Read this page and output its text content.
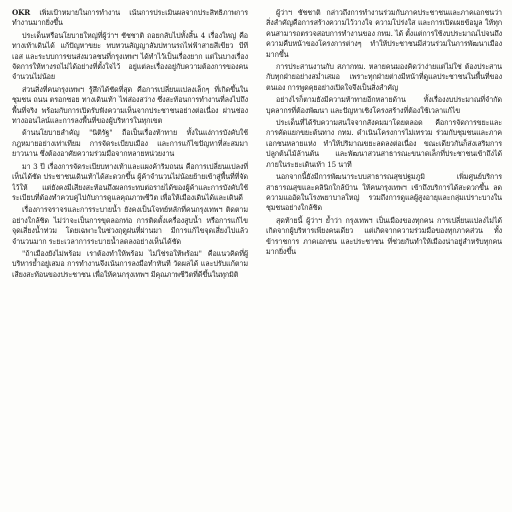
OKR เพิ่มเป้าหมายในการทำงาน เน้นการประเมินผลจากประสิทธิภาพการทำงานมากยิ่งขึ้น

ประเด็นหรือนโยบายใหญ่ที่ผู้ว่าฯ ชัชชาติ ถอยกลับไปทั้งสิ้น 4 เรื่องใหญ่ คือ ทางเท้าเดินได้ แก้ปัญหาขยะ ทบทวนสัญญาสัมปทานรถไฟฟ้าสายสีเขียว บีทีเอส และระบบการขนส่งมวลชนที่กรุงเทพฯ ได้ทำไว้เป็นเรื่องยาก แต่ในบางเรื่องจัดการให้ทางรถไม่ได้อย่างที่ตั้งใจไว้ อยู่แต่ละเรื่องอยู่กับความต้องการของคนจำนวนไม่น้อย

ส่วนสิ่งที่คนกรุงเทพฯ รู้สึกได้ชัดที่สุด คือการเปลี่ยนแปลงเล็กๆ ที่เกิดขึ้นในชุมชน ถนน ตรอกซอย ทางเดินเท้า ไฟส่องสว่าง ซึ่งสะท้อนการทำงานที่ลงไปถึงพื้นที่จริง พร้อมกับการเปิดรับฟังความเห็นจากประชาชนอย่างต่อเนื่อง ผ่านช่องทางออนไลน์และการลงพื้นที่ของผู้บริหารในทุกเขต

ด้านนโยบายสำคัญ "นิติรัฐ" ถือเป็นเรื่องท้าทาย ทั้งในแง่การบังคับใช้กฎหมายอย่างเท่าเทียม การจัดระเบียบเมือง และการแก้ไขปัญหาที่สะสมมายาวนาน ซึ่งต้องอาศัยความร่วมมือจากหลายหน่วยงาน

มา 3 ปี เรื่องการจัดระเบียบทางเท้าและแผงค้าริมถนน คือการเปลี่ยนแปลงที่เห็นได้ชัด ประชาชนเดินเท้าได้สะดวกขึ้น ผู้ค้าจำนวนไม่น้อยย้ายเข้าสู่พื้นที่ที่จัดไว้ให้ แต่ยังคงมีเสียงสะท้อนถึงผลกระทบต่อรายได้ของผู้ค้าและการบังคับใช้ระเบียบที่ต้องทำควบคู่ไปกับการดูแลคุณภาพชีวิต เพื่อให้เมืองเดินได้และเดินดี

เรื่องการจราจรและการระบายน้ำ ยังคงเป็นโจทย์หลักที่คนกรุงเทพฯ ติดตามอย่างใกล้ชิด ไม่ว่าจะเป็นการขุดลอกท่อ การติดตั้งเครื่องสูบน้ำ หรือการแก้ไขจุดเสี่ยงน้ำท่วม โดยเฉพาะในช่วงฤดูฝนที่ผ่านมา มีการแก้ไขจุดเสี่ยงไปแล้วจำนวนมาก ระยะเวลาการระบายน้ำลดลงอย่างเห็นได้ชัด

"ถ้าเมืองยังไม่พร้อม เราต้องทำให้พร้อม ไม่ใช่รอให้พร้อม" คือแนวคิดที่ผู้บริหารย้ำอยู่เสมอ การทำงานจึงเน้นการลงมือทำทันที วัดผลได้ และปรับแก้ตามเสียงสะท้อนของประชาชน เพื่อให้คนกรุงเทพฯ มีคุณภาพชีวิตที่ดีขึ้นในทุกมิติ

ผู้ว่าฯ ชัชชาติ กล่าวถึงการทำงานร่วมกับภาคประชาชนและภาคเอกชนว่า สิ่งสำคัญคือการสร้างความไว้วางใจ ความโปร่งใส และการเปิดเผยข้อมูล ให้ทุกคนสามารถตรวจสอบการทำงานของ กทม. ได้ ตั้งแต่การใช้งบประมาณไปจนถึงความคืบหน้าของโครงการต่างๆ ทำให้ประชาชนมีส่วนร่วมในการพัฒนาเมืองมากขึ้น

การประสานงานกับ สภากทม. หลายคนมองคิดว่าง่ายแต่ไม่ใช่ ต้องประสานกับทุกฝ่ายอย่างสม่ำเสมอ เพราะทุกฝ่ายต่างมีหน้าที่ดูแลประชาชนในพื้นที่ของตนเอง การพูดคุยอย่างเปิดใจจึงเป็นสิ่งสำคัญ

อย่างไรก็ตามยังมีความท้าทายอีกหลายด้าน ทั้งเรื่องงบประมาณที่จำกัด บุคลากรที่ต้องพัฒนา และปัญหาเชิงโครงสร้างที่ต้องใช้เวลาแก้ไข

ประเด็นที่ได้รับความสนใจจากสังคมมาโดยตลอด คือการจัดการขยะและการคัดแยกขยะต้นทาง กทม. ดำเนินโครงการไม่เทรวม ร่วมกับชุมชนและภาคเอกชนหลายแห่ง ทำให้ปริมาณขยะลดลงต่อเนื่อง ขณะเดียวกันก็ส่งเสริมการปลูกต้นไม้ล้านต้น และพัฒนาสวนสาธารณะขนาดเล็กที่ประชาชนเข้าถึงได้ภายในระยะเดินเท้า 15 นาที

นอกจากนี้ยังมีการพัฒนาระบบสาธารณสุขปฐมภูมิ เพิ่มศูนย์บริการสาธารณสุขและคลินิกใกล้บ้าน ให้คนกรุงเทพฯ เข้าถึงบริการได้สะดวกขึ้น ลดความแออัดในโรงพยาบาลใหญ่ รวมถึงการดูแลผู้สูงอายุและกลุ่มเปราะบางในชุมชนอย่างใกล้ชิด

สุดท้ายนี้ ผู้ว่าฯ ย้ำว่า กรุงเทพฯ เป็นเมืองของทุกคน การเปลี่ยนแปลงไม่ได้เกิดจากผู้บริหารเพียงคนเดียว แต่เกิดจากความร่วมมือของทุกภาคส่วน ทั้งข้าราชการ ภาคเอกชน และประชาชน ที่ช่วยกันทำให้เมืองน่าอยู่สำหรับทุกคนมากยิ่งขึ้น
